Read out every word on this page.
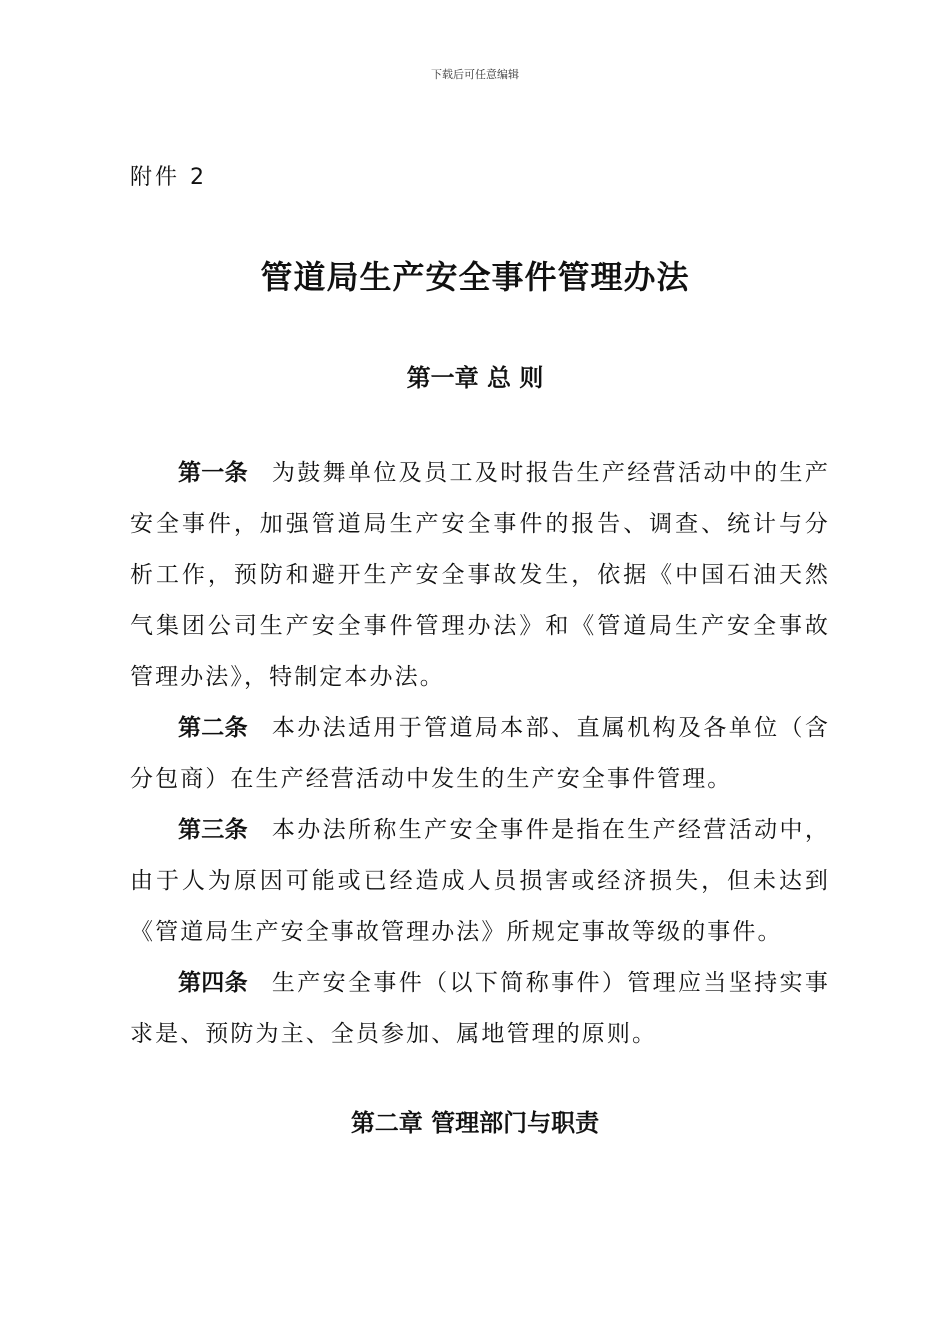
下载后可任意编辑
附件 2
管道局生产安全事件管理办法
第一章 总 则

第一条 为鼓舞单位及员工及时报告生产经营活动中的生产安全事件，加强管道局生产安全事件的报告、调查、统计与分析工作，预防和避开生产安全事故发生，依据《中国石油天然气集团公司生产安全事件管理办法》和《管道局生产安全事故管理办法》，特制定本办法。

第二条 本办法适用于管道局本部、直属机构及各单位（含分包商）在生产经营活动中发生的生产安全事件管理。

第三条 本办法所称生产安全事件是指在生产经营活动中，由于人为原因可能或已经造成人员损害或经济损失，但未达到《管道局生产安全事故管理办法》所规定事故等级的事件。

第四条 生产安全事件（以下简称事件）管理应当坚持实事求是、预防为主、全员参加、属地管理的原则。

第二章 管理部门与职责
